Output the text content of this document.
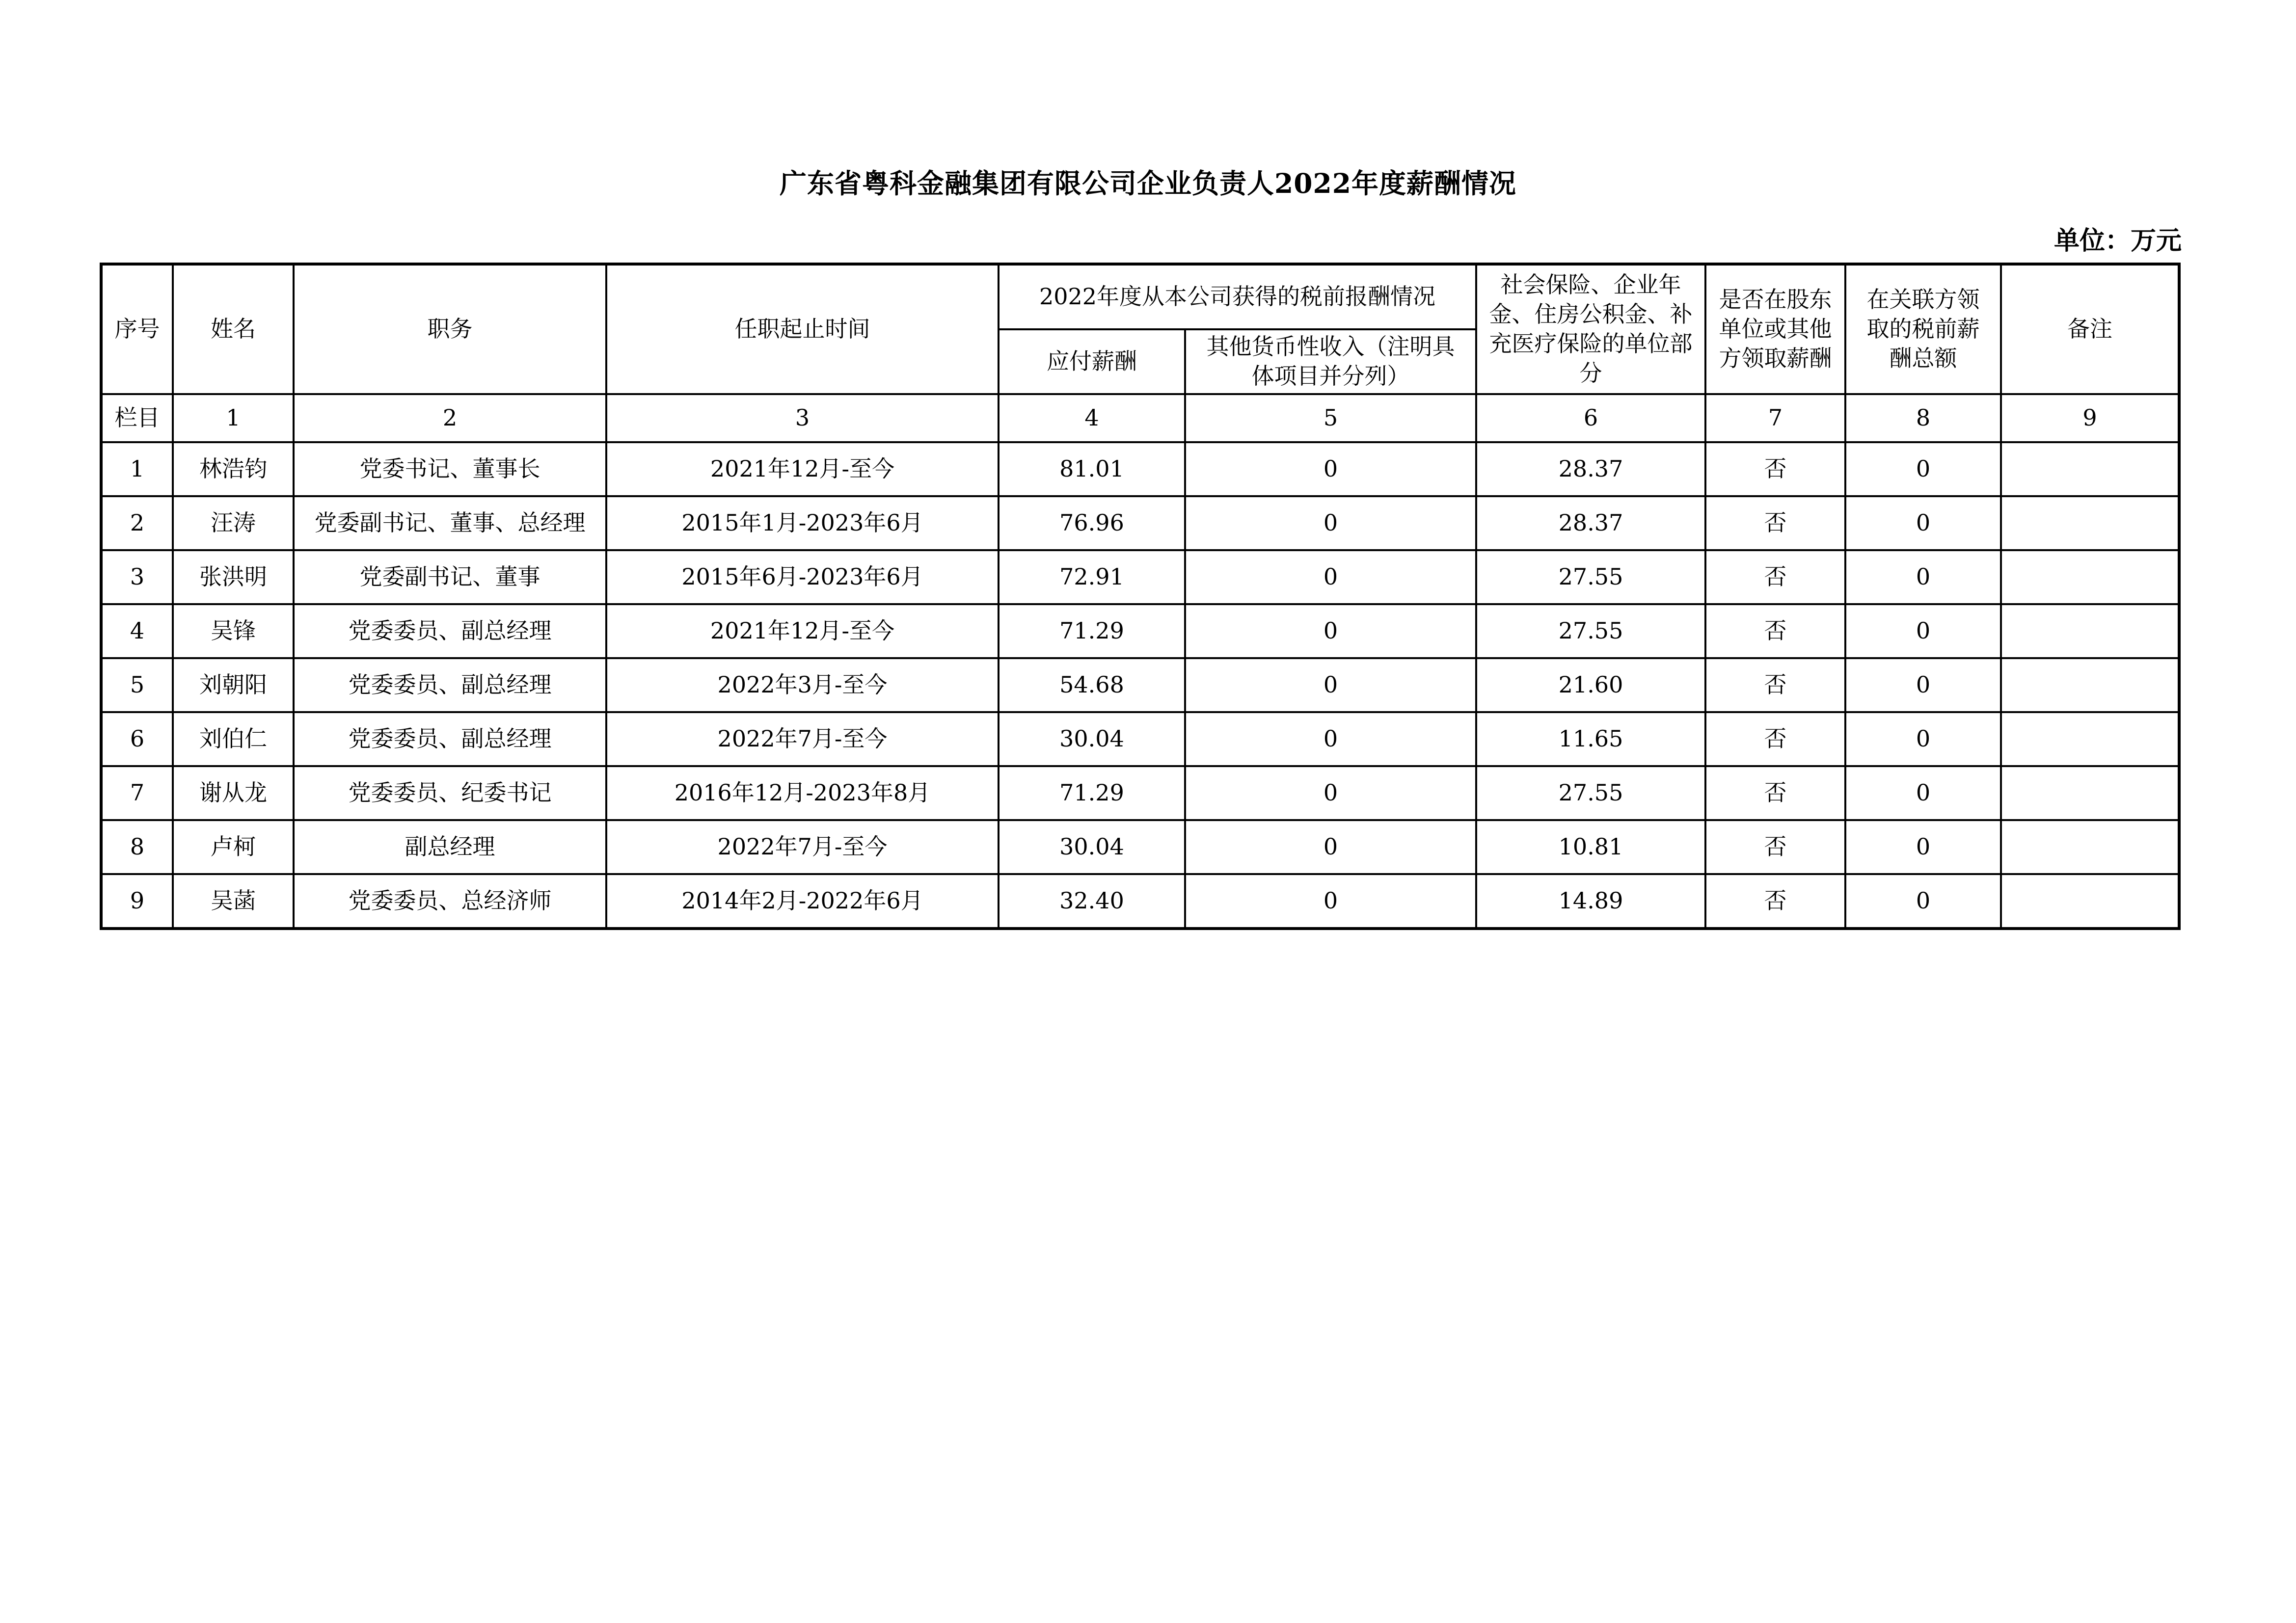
广东省粤科金融集团有限公司企业负责人2022年度薪酬情况
单位：万元
序号	姓名	职务	任职起止时间	2022年度从本公司获得的税前报酬情况		社会保险、企业年金、住房公积金、补充医疗保险的单位部分	是否在股东单位或其他方领取薪酬	在关联方领取的税前薪酬总额	备注
				应付薪酬	其他货币性收入（注明具体项目并分列）				
栏目	1	2	3	4	5	6	7	8	9
1	林浩钧	党委书记、董事长	2021年12月-至今	81.01	0	28.37	否	0	
2	汪涛	党委副书记、董事、总经理	2015年1月-2023年6月	76.96	0	28.37	否	0	
3	张洪明	党委副书记、董事	2015年6月-2023年6月	72.91	0	27.55	否	0	
4	吴锋	党委委员、副总经理	2021年12月-至今	71.29	0	27.55	否	0	
5	刘朝阳	党委委员、副总经理	2022年3月-至今	54.68	0	21.60	否	0	
6	刘伯仁	党委委员、副总经理	2022年7月-至今	30.04	0	11.65	否	0	
7	谢从龙	党委委员、纪委书记	2016年12月-2023年8月	71.29	0	27.55	否	0	
8	卢柯	副总经理	2022年7月-至今	30.04	0	10.81	否	0	
9	吴菡	党委委员、总经济师	2014年2月-2022年6月	32.40	0	14.89	否	0	
